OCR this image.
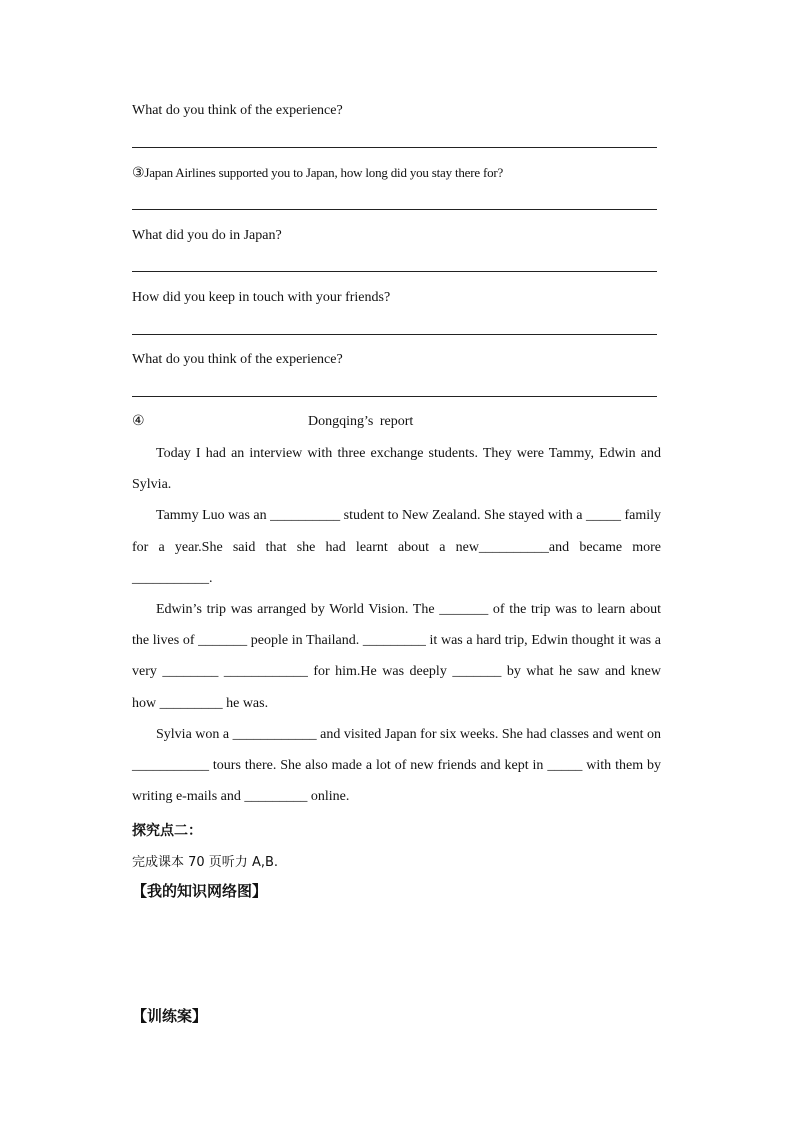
What do you think of the experience?
③Japan Airlines supported you to Japan, how long did you stay there for?
What did you do in Japan?
How did you keep in touch with your friends?
What do you think of the experience?
④	Dongqing’s report

Today I had an interview with three exchange students. They were Tammy, Edwin and Sylvia.

Tammy Luo was an __________ student to New Zealand. She stayed with a _____ family for a year.She said that she had learnt about a new__________and became more ___________.

Edwin’s trip was arranged by World Vision. The _______ of the trip was to learn about the lives of _______ people in Thailand. _________ it was a hard trip, Edwin thought it was a very ________ ____________ for him.He was deeply _______ by what he saw and knew how _________ he was.

Sylvia won a ____________ and visited Japan for six weeks. She had classes and went on ___________ tours there. She also made a lot of new friends and kept in _____ with them by writing e-mails and _________ online.

探究点二：
完成课本 70 页听力 A,B.
【我的知识网络图】
【训练案】
